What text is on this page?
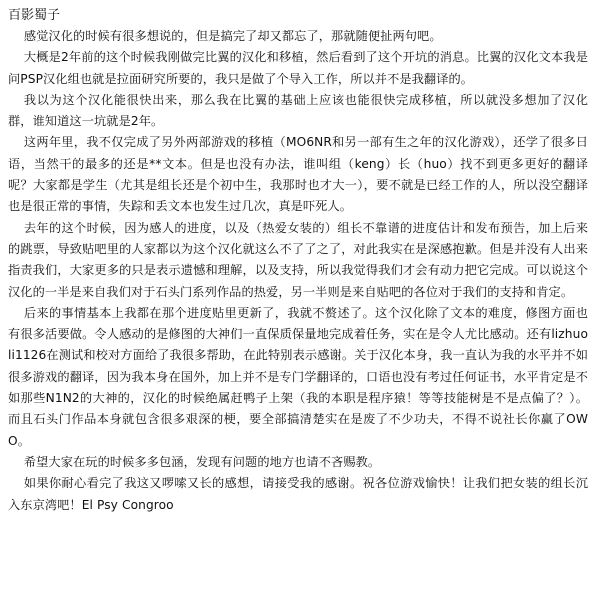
百影蜀子

感觉汉化的时候有很多想说的，但是搞完了却又都忘了，那就随便扯两句吧。

大概是2年前的这个时候我刚做完比翼的汉化和移植，然后看到了这个开坑的消息。比翼的汉化文本我是问PSP汉化组也就是拉面研究所要的，我只是做了个导入工作，所以并不是我翻译的。

我以为这个汉化能很快出来，那么我在比翼的基础上应该也能很快完成移植，所以就没多想加了汉化群，谁知道这一坑就是2年。

这两年里，我不仅完成了另外两部游戏的移植（MO6NR和另一部有生之年的汉化游戏），还学了很多日语，当然干的最多的还是**文本。但是也没有办法，谁叫组（keng）长（huo）找不到更多更好的翻译呢？大家都是学生（尤其是组长还是个初中生，我那时也才大一），要不就是已经工作的人，所以没空翻译也是很正常的事情，失踪和丢文本也发生过几次，真是吓死人。

去年的这个时候，因为感人的进度，以及（热爱女装的）组长不靠谱的进度估计和发布预告，加上后来的跳票，导致贴吧里的人家都以为这个汉化就这么不了了之了，对此我实在是深感抱歉。但是并没有人出来指责我们，大家更多的只是表示遗憾和理解，以及支持，所以我觉得我们才会有动力把它完成。可以说这个汉化的一半是来自我们对于石头门系列作品的热爱，另一半则是来自贴吧的各位对于我们的支持和肯定。

后来的事情基本上我都在那个进度贴里更新了，我就不赘述了。这个汉化除了文本的难度，修图方面也有很多活要做。令人感动的是修图的大神们一直保质保量地完成着任务，实在是令人尤比感动。还有lizhuoli1126在测试和校对方面给了我很多帮助，在此特别表示感谢。关于汉化本身，我一直认为我的水平并不如很多游戏的翻译，因为我本身在国外，加上并不是专门学翻译的，口语也没有考过任何证书，水平肯定是不如那些N1N2的大神的，汉化的时候绝属赶鸭子上架（我的本职是程序猿！等等技能树是不是点偏了？）。而且石头门作品本身就包含很多艰深的梗，要全部搞清楚实在是废了不少功夫，不得不说社长你赢了OWO。

希望大家在玩的时候多多包涵，发现有问题的地方也请不吝赐教。

如果你耐心看完了我这又啰嗦又长的感想，请接受我的感谢。祝各位游戏愉快！让我们把女装的组长沉入东京湾吧！El Psy Congroo
